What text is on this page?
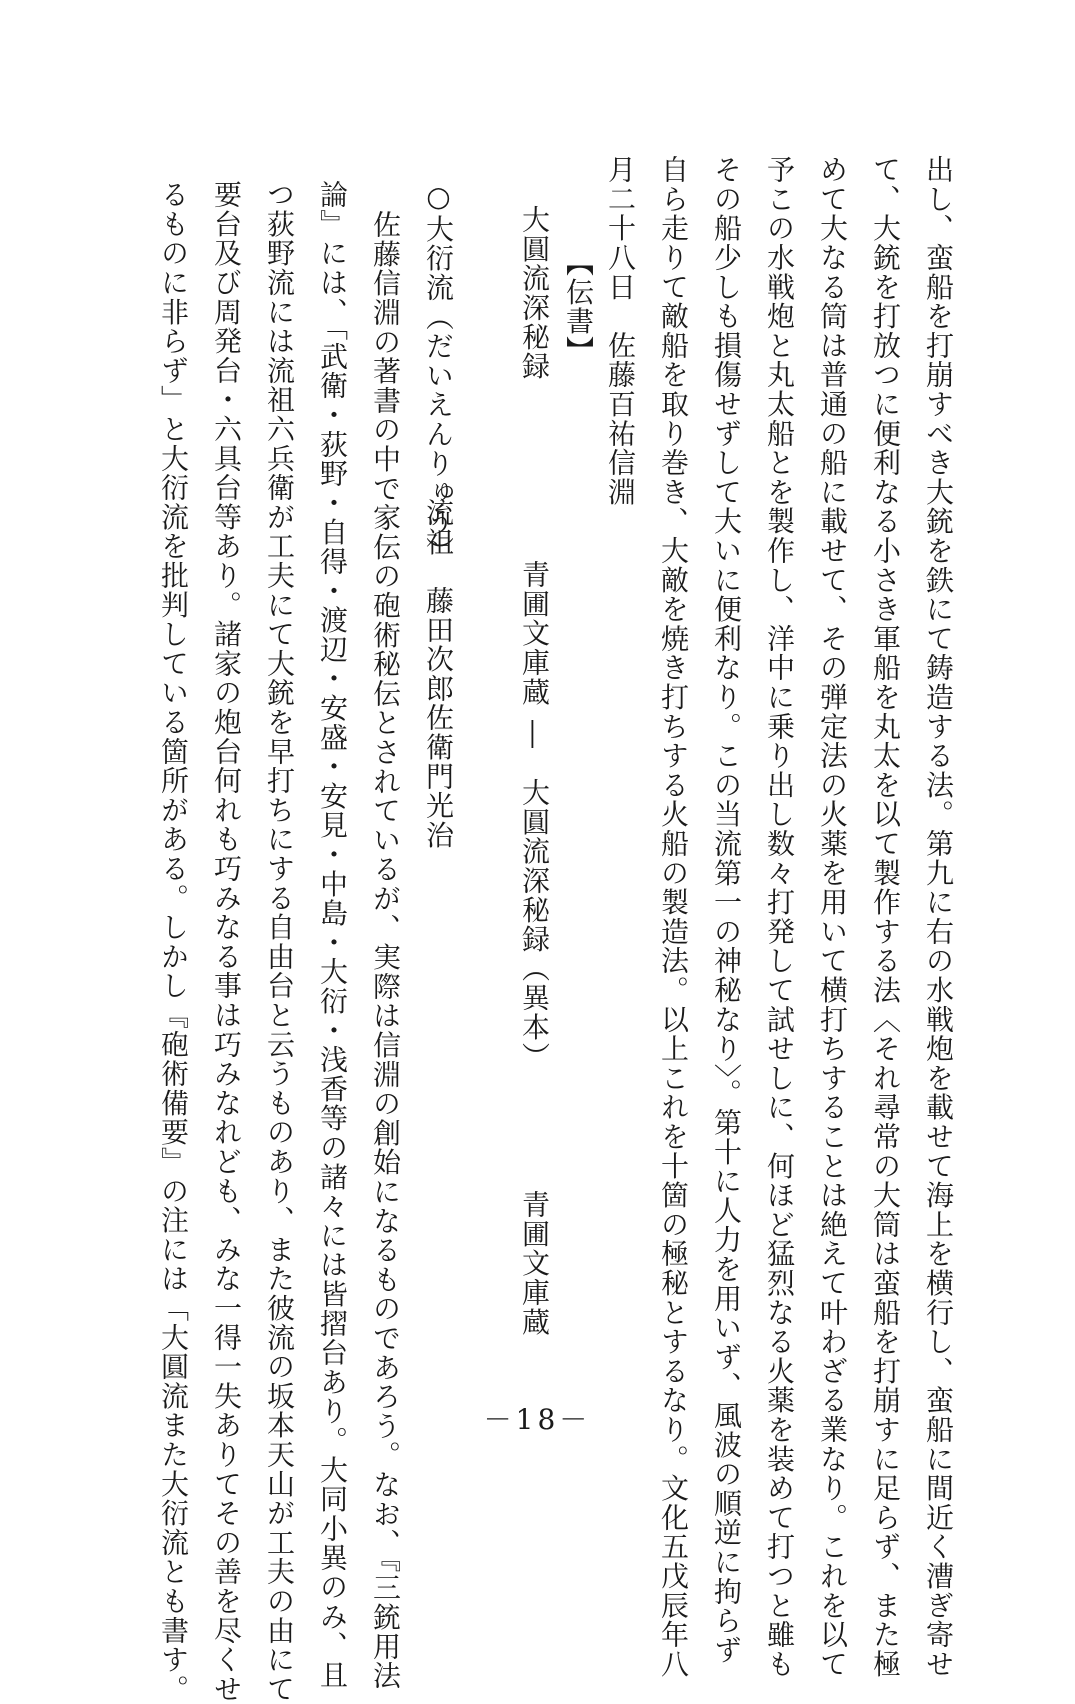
出し、蛮船を打崩すべき大銃を鉄にて鋳造する法。第九に右の水戦炮を載せて海上を横行し、蛮船に間近く漕ぎ寄せ
て、大銃を打放つに便利なる小さき軍船を丸太を以て製作する法〈それ尋常の大筒は蛮船を打崩すに足らず、また極
めて大なる筒は普通の船に載せて、その弾定法の火薬を用いて横打ちすることは絶えて叶わざる業なり。これを以て
予この水戦炮と丸太船とを製作し、洋中に乗り出し数々打発して試せしに、何ほど猛烈なる火薬を装めて打つと雖も
その船少しも損傷せずして大いに便利なり。この当流第一の神秘なり〉。第十に人力を用いず、風波の順逆に拘らず
自ら走りて敵船を取り巻き、大敵を焼き打ちする火船の製造法。以上これを十箇の極秘とするなり。文化五戊辰年八
月二十八日　佐藤百祐信淵
【伝書】
大圓流深秘録
青圃文庫蔵
青圃文庫蔵
―
大圓流深秘録（異本）
○大衍流（だいえんりゅう）
流祖　藤田次郎佐衛門光治
佐藤信淵の著書の中で家伝の砲術秘伝とされているが、実際は信淵の創始になるものであろう。なお、『三銃用法
論』には、「武衛・荻野・自得・渡辺・安盛・安見・中島・大衍・浅香等の諸々には皆摺台あり。大同小異のみ、且
つ荻野流には流祖六兵衛が工夫にて大銃を早打ちにする自由台と云うものあり、また彼流の坂本天山が工夫の由にて
要台及び周発台・六具台等あり。諸家の炮台何れも巧みなる事は巧みなれども、みな一得一失ありてその善を尽くせ
るものに非らず」と大衍流を批判している箇所がある。しかし『砲術備要』の注には「大圓流また大衍流とも書す。	－18－
